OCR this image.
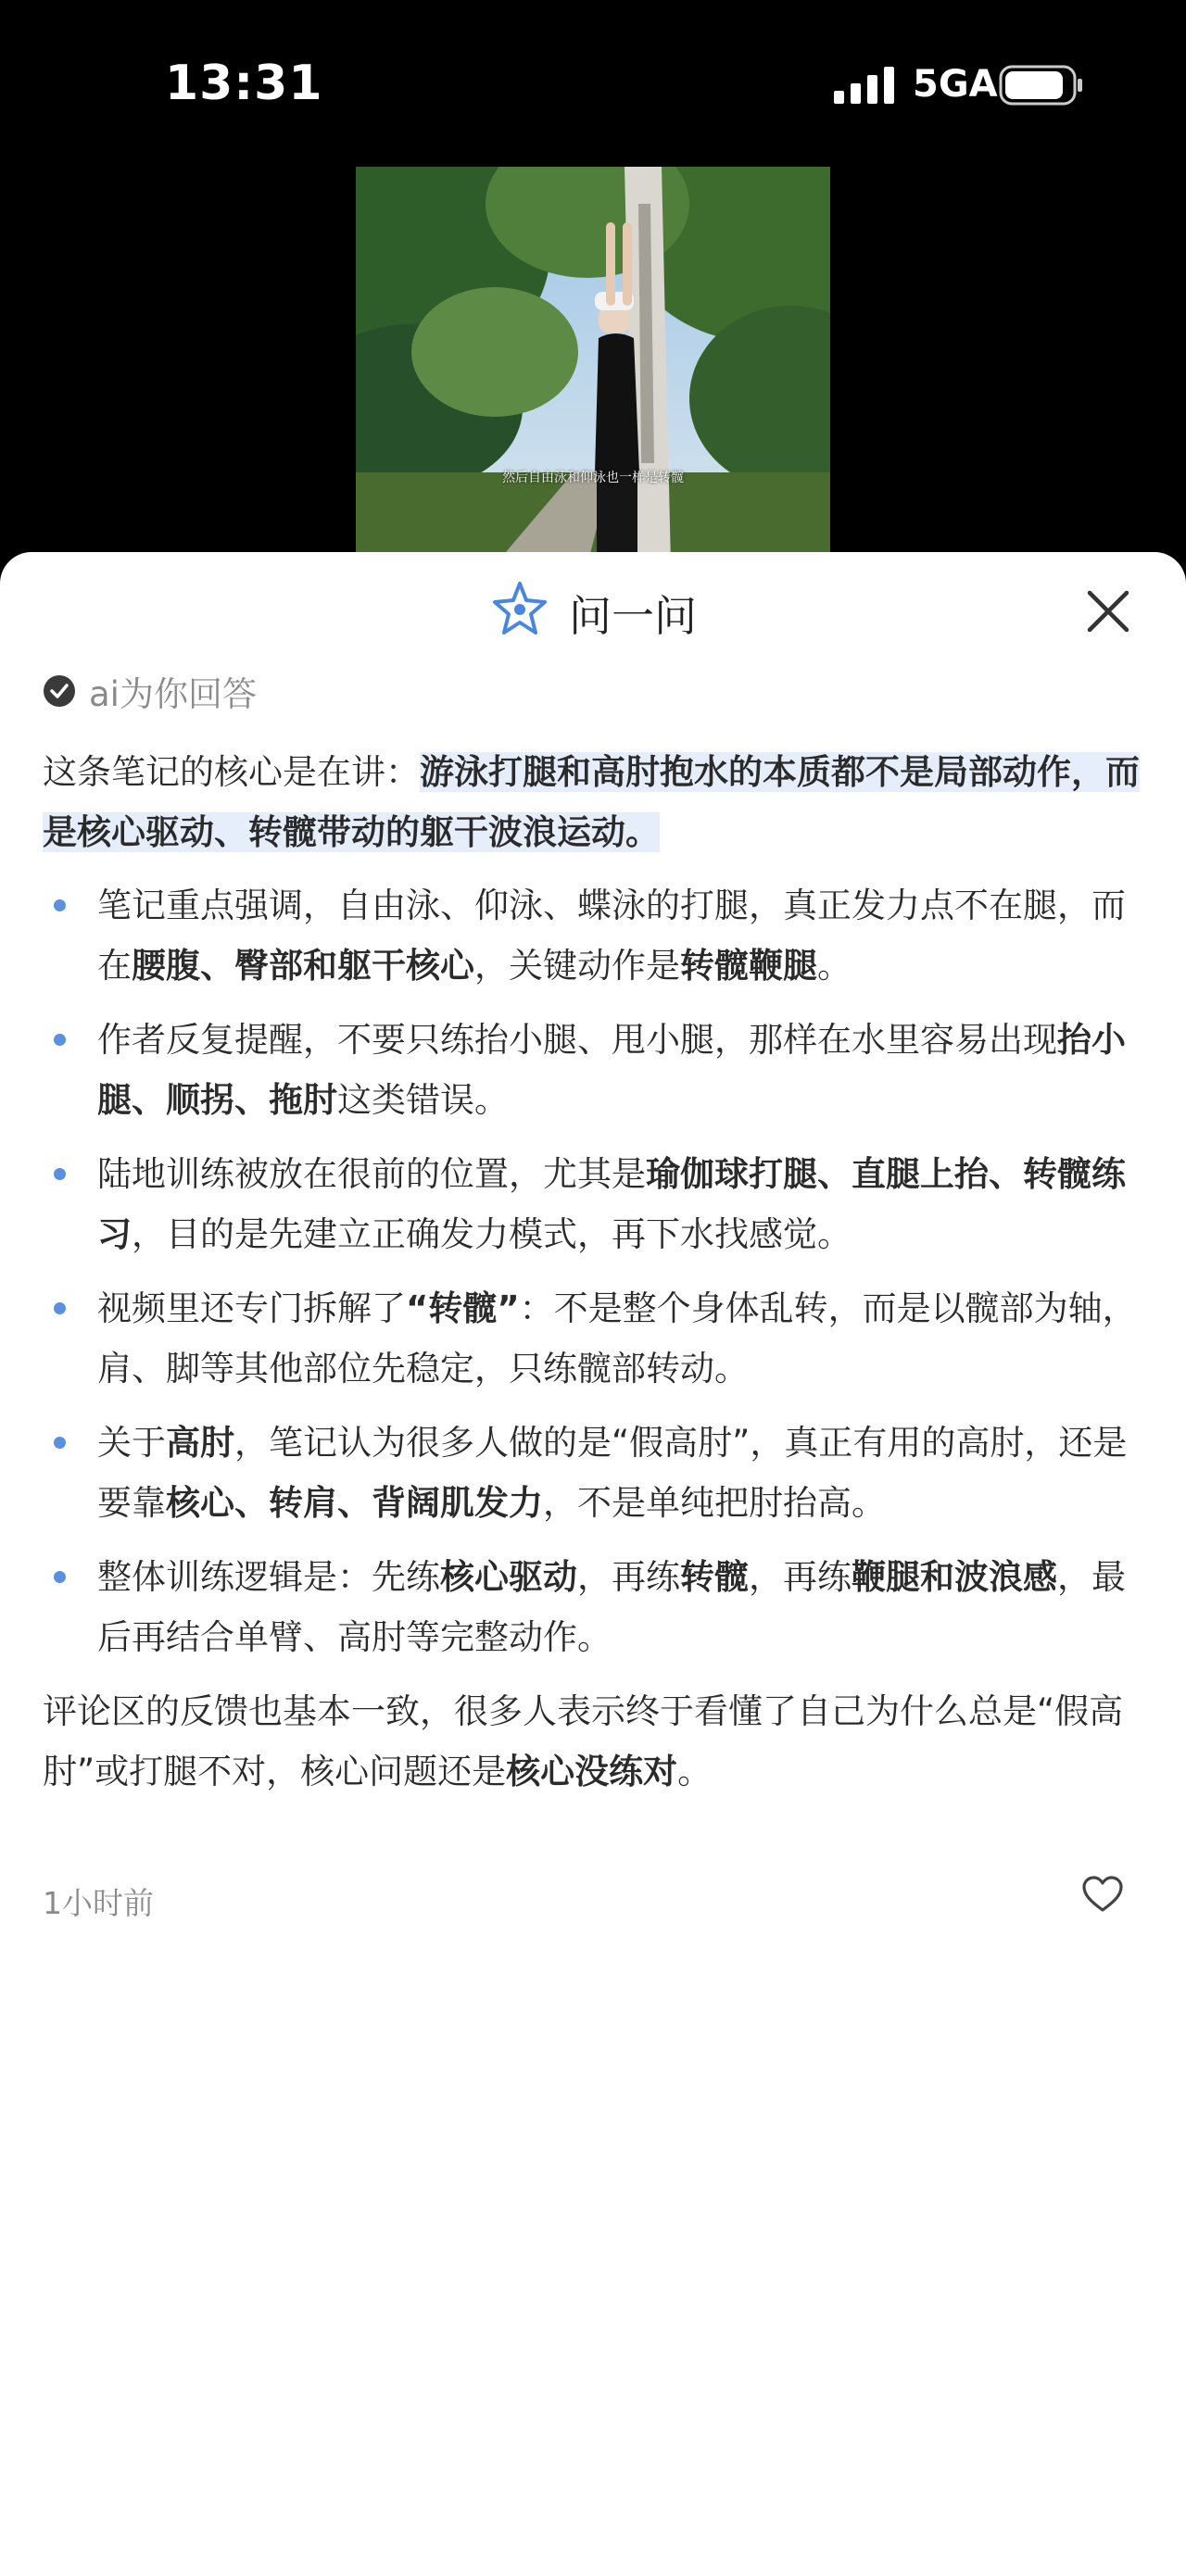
13:31	5GA
然后自由泳和仰泳也一样是转髋
问一问
ai为你回答

这条笔记的核心是在讲：游泳打腿和高肘抱水的本质都不是局部动作，而是核心驱动、转髋带动的躯干波浪运动。

笔记重点强调，自由泳、仰泳、蝶泳的打腿，真正发力点不在腿，而在腰腹、臀部和躯干核心，关键动作是转髋鞭腿。
作者反复提醒，不要只练抬小腿、甩小腿，那样在水里容易出现抬小腿、顺拐、拖肘这类错误。
陆地训练被放在很前的位置，尤其是瑜伽球打腿、直腿上抬、转髋练习，目的是先建立正确发力模式，再下水找感觉。
视频里还专门拆解了“转髋”：不是整个身体乱转，而是以髋部为轴，肩、脚等其他部位先稳定，只练髋部转动。
关于高肘，笔记认为很多人做的是“假高肘”，真正有用的高肘，还是要靠核心、转肩、背阔肌发力，不是单纯把肘抬高。
整体训练逻辑是：先练核心驱动，再练转髋，再练鞭腿和波浪感，最后再结合单臂、高肘等完整动作。

评论区的反馈也基本一致，很多人表示终于看懂了自己为什么总是“假高肘”或打腿不对，核心问题还是核心没练对。

1小时前
